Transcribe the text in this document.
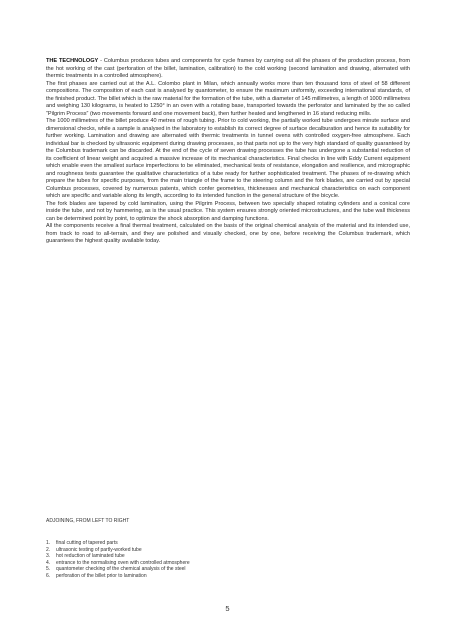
THE TECHNOLOGY - Columbus produces tubes and components for cycle frames by carrying out all the phases of the production process, from the hot working of the cast (perforation of the billet, lamination, calibration) to the cold working (second lamination and drawing, alternated with thermic treatments in a controlled atmosphere).

The first phases are carried out at the A.L. Colombo plant in Milan, which annually works more than ten thousand tons of steel of 58 different compositions. The composition of each cast is analysed by quantometer, to ensure the maximum uniformity, exceeding international standards, of the finished product. The billet which is the raw material for the formation of the tube, with a diameter of 145 millimetres, a length of 1000 millimetres and weighing 130 kilograms, is heated to 1250° in an oven with a rotating base, transported towards the perforator and laminated by the so called “Pilgrim Process” (two movements forward and one movement back), then further heated and lengthened in 16 stand reducing mills.

The 1000 millimetres of the billet produce 40 metres of rough tubing. Prior to cold working, the partially worked tube undergoes minute surface and dimensional checks, while a sample is analysed in the laboratory to establish its correct degree of surface decalburation and hence its suitability for further working. Lamination and drawing are alternated with thermic treatments in tunnel ovens with controlled oxygen-free atmosphere. Each individual bar is checked by ultrasonic equipment during drawing processes, so that parts not up to the very high standard of quality guaranteed by the Columbus trademark can be discarded. At the end of the cycle of seven drawing processes the tube has undergone a substantial reduction of its coefficient of linear weight and acquired a massive increase of its mechanical characteristics. Final checks in line with Eddy Current equipment which enable even the smallest surface imperfections to be eliminated, mechanical tests of resistance, elongation and resilience, and micrographic and roughness tests guarantee the qualitative characteristics of a tube ready for further sophisticated treatment. The phases of re-drawing which prepare the tubes for specific purposes, from the main triangle of the frame to the steering column and the fork blades, are carried out by special Columbus processes, covered by numerous patents, which confer geometries, thicknesses and mechanical characteristics on each component which are specific and variable along its length, according to its intended function in the general structure of the bicycle.

The fork blades are tapered by cold lamination, using the Pilgrim Process, between two specially shaped rotating cylinders and a conical core inside the tube, and not by hammering, as is the usual practice. This system ensures strongly oriented microstructures, and the tube wall thickness can be determined point by point, to optimize the shock absorption and damping functions.

All the components receive a final thermal treatment, calculated on the basis of the original chemical analysis of the material and its intended use, from track to road to all-terrain, and they are polished and visually checked, one by one, before receiving the Columbus trademark, which guarantees the highest quality available today.

ADJOINING, FROM LEFT TO RIGHT
1.	final cutting of tapered parts
2.	ultrasonic testing of partly-worked tube
3.	hot reduction of laminated tube
4.	entrance to the normalising oven with controlled atmosphere
5.	quantometer checking of the chemical analysis of the steel
6.	perforation of the billet prior to lamination
5
